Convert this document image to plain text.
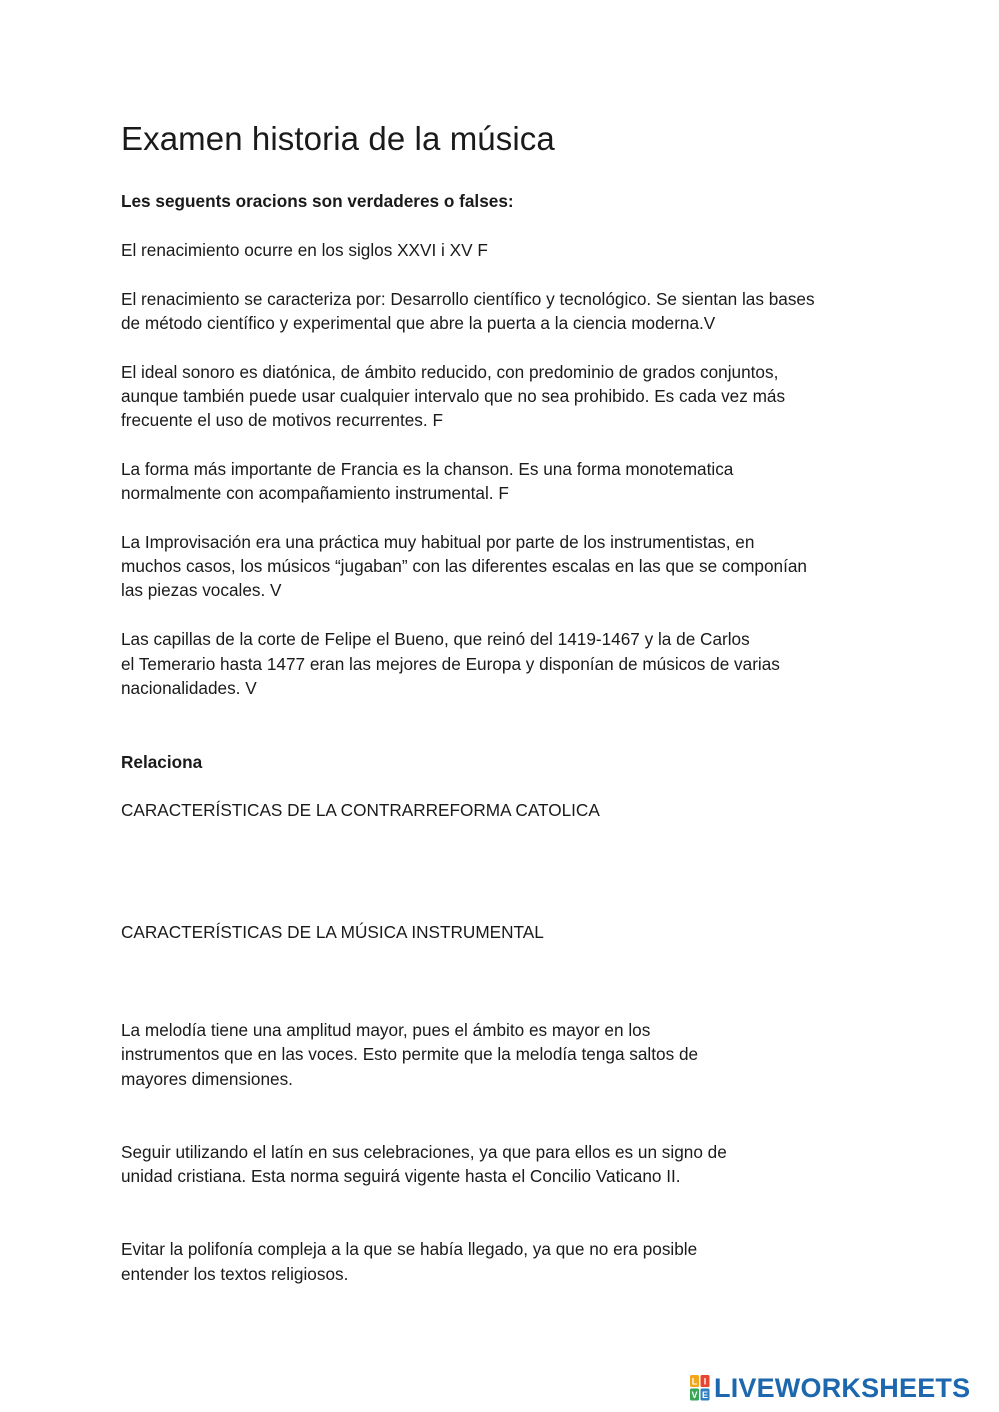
Examen historia de la música

Les seguents oracions son verdaderes o falses:

El renacimiento ocurre en los siglos XXVI i XV F

El renacimiento se caracteriza por: Desarrollo científico y tecnológico. Se sientan las bases

de método científico y experimental que abre la puerta a la ciencia moderna.V

El ideal sonoro es diatónica, de ámbito reducido, con predominio de grados conjuntos,

aunque también puede usar cualquier intervalo que no sea prohibido. Es cada vez más

frecuente el uso de motivos recurrentes. F

La forma más importante de Francia es la chanson. Es una forma monotematica

normalmente con acompañamiento instrumental. F

La Improvisación era una práctica muy habitual por parte de los instrumentistas, en

muchos casos, los músicos “jugaban” con las diferentes escalas en las que se componían

las piezas vocales. V

Las capillas de la corte de Felipe el Bueno, que reinó del 1419-1467 y la de Carlos

el Temerario hasta 1477 eran las mejores de Europa y disponían de músicos de varias

nacionalidades. V

Relaciona

CARACTERÍSTICAS DE LA CONTRARREFORMA CATOLICA

CARACTERÍSTICAS DE LA MÚSICA INSTRUMENTAL

La melodía tiene una amplitud mayor, pues el ámbito es mayor en los

instrumentos que en las voces. Esto permite que la melodía tenga saltos de

mayores dimensiones.

Seguir utilizando el latín en sus celebraciones, ya que para ellos es un signo de

unidad cristiana. Esta norma seguirá vigente hasta el Concilio Vaticano II.

Evitar la polifonía compleja a la que se había llegado, ya que no era posible

entender los textos religiosos.

L I
V E LIVEWORKSHEETS
